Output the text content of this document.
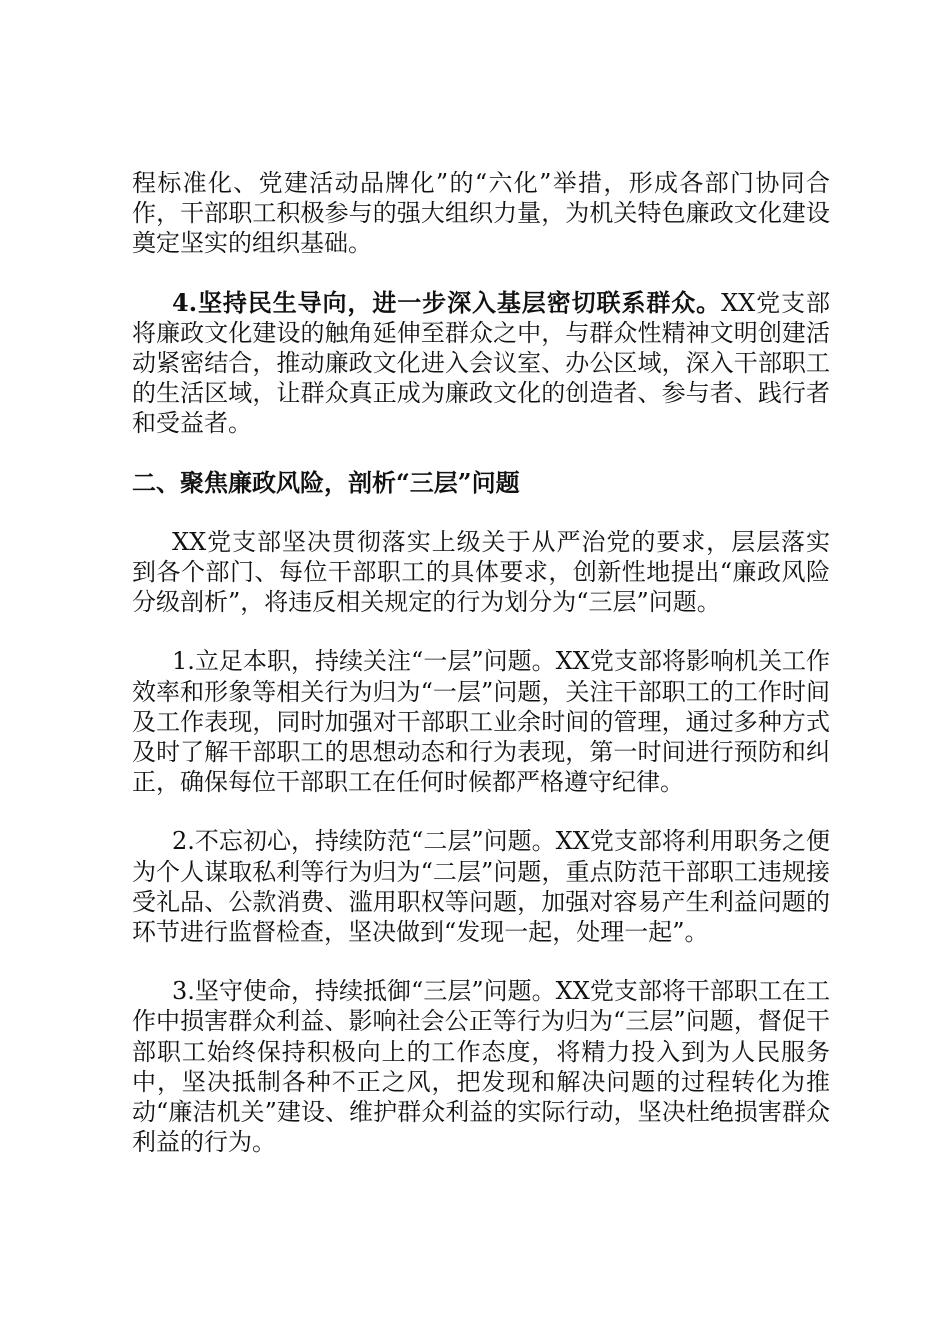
程标准化、党建活动品牌化”的“六化”举措，形成各部门协同合作，干部职工积极参与的强大组织力量，为机关特色廉政文化建设奠定坚实的组织基础。

4.坚持民生导向，进一步深入基层密切联系群众。XX党支部将廉政文化建设的触角延伸至群众之中，与群众性精神文明创建活动紧密结合，推动廉政文化进入会议室、办公区域，深入干部职工的生活区域，让群众真正成为廉政文化的创造者、参与者、践行者和受益者。

二、聚焦廉政风险，剖析“三层”问题

XX党支部坚决贯彻落实上级关于从严治党的要求，层层落实到各个部门、每位干部职工的具体要求，创新性地提出“廉政风险分级剖析”，将违反相关规定的行为划分为“三层”问题。

1.立足本职，持续关注“一层”问题。XX党支部将影响机关工作效率和形象等相关行为归为“一层”问题，关注干部职工的工作时间及工作表现，同时加强对干部职工业余时间的管理，通过多种方式及时了解干部职工的思想动态和行为表现，第一时间进行预防和纠正，确保每位干部职工在任何时候都严格遵守纪律。

2.不忘初心，持续防范“二层”问题。XX党支部将利用职务之便为个人谋取私利等行为归为“二层”问题，重点防范干部职工违规接受礼品、公款消费、滥用职权等问题，加强对容易产生利益问题的环节进行监督检查，坚决做到“发现一起，处理一起”。

3.坚守使命，持续抵御“三层”问题。XX党支部将干部职工在工作中损害群众利益、影响社会公正等行为归为“三层”问题，督促干部职工始终保持积极向上的工作态度，将精力投入到为人民服务中，坚决抵制各种不正之风，把发现和解决问题的过程转化为推动“廉洁机关”建设、维护群众利益的实际行动，坚决杜绝损害群众利益的行为。
